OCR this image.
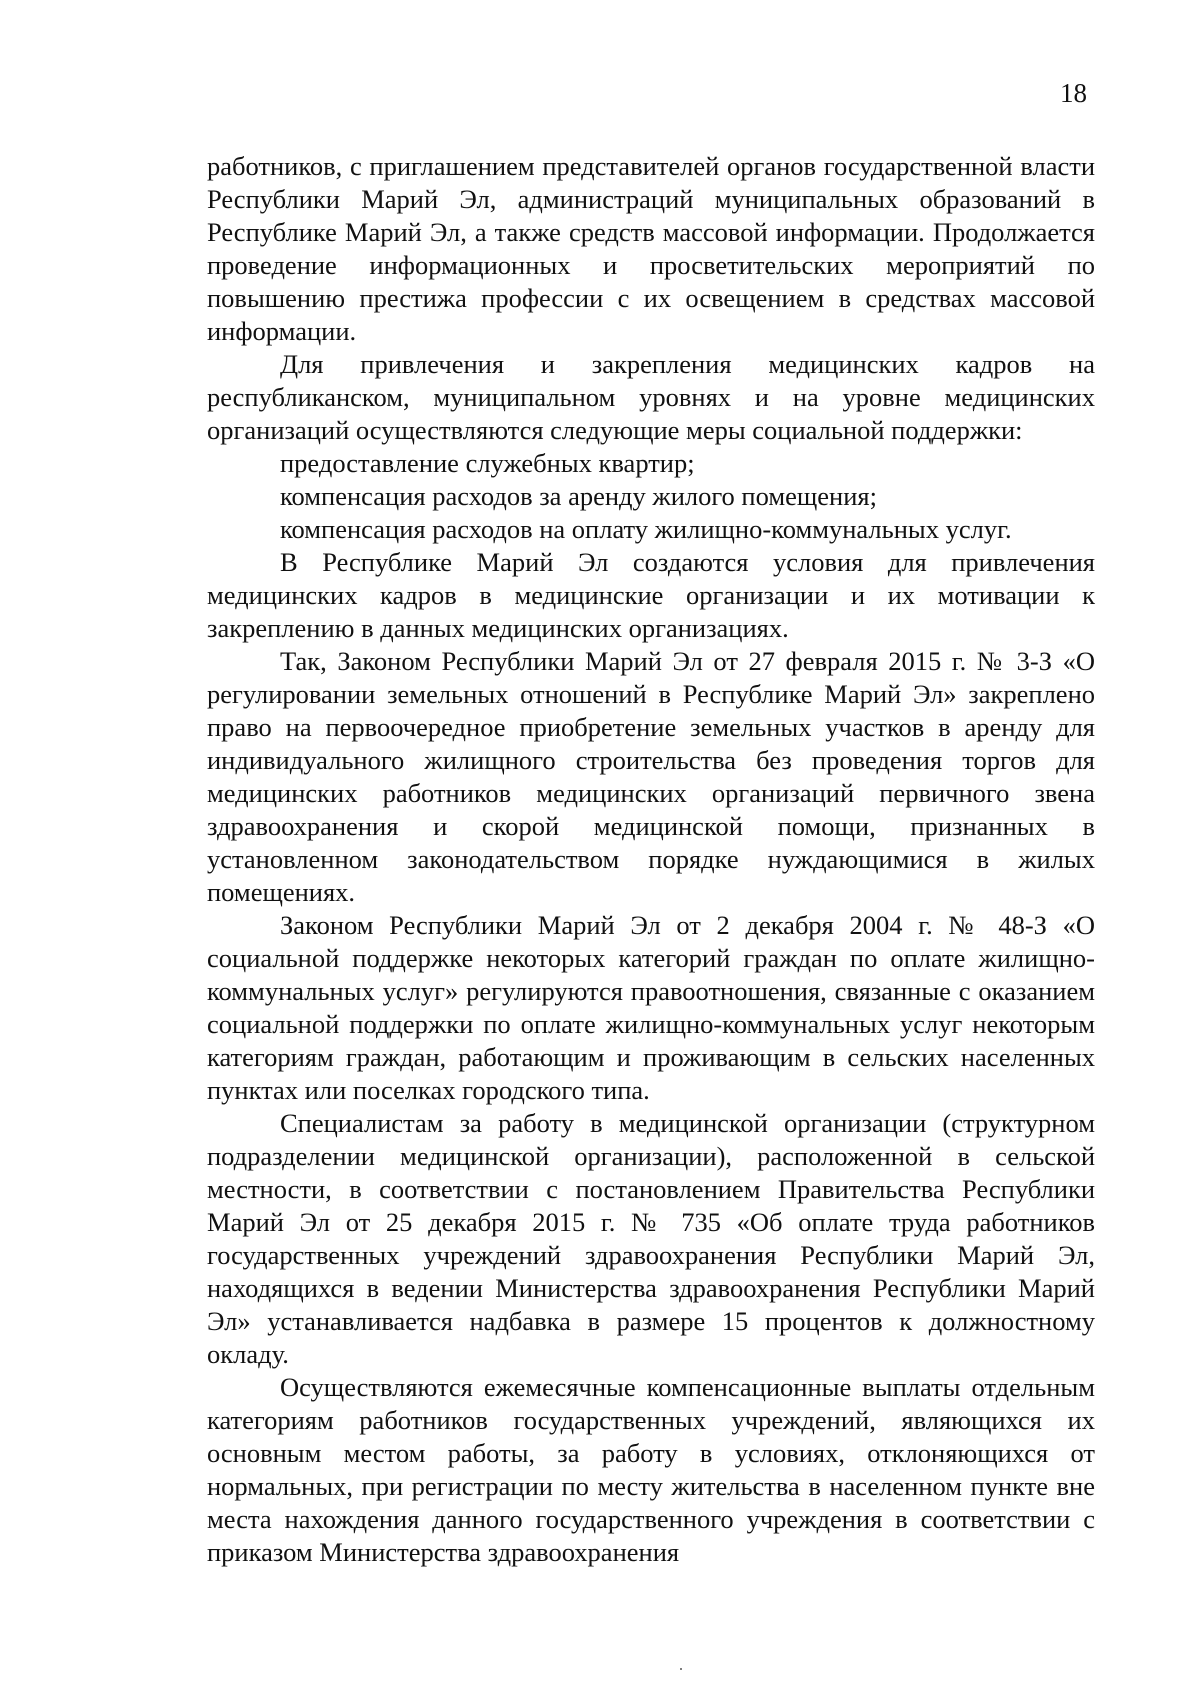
18

работников, с приглашением представителей органов государственной власти Республики Марий Эл, администраций муниципальных образований в Республике Марий Эл, а также средств массовой информации. Продолжается проведение информационных и просветительских мероприятий по повышению престижа профессии с их освещением в средствах массовой информации.

Для привлечения и закрепления медицинских кадров на республиканском, муниципальном уровнях и на уровне медицинских организаций осуществляются следующие меры социальной поддержки:

предоставление служебных квартир;

компенсация расходов за аренду жилого помещения;

компенсация расходов на оплату жилищно-коммунальных услуг.

В Республике Марий Эл создаются условия для привлечения медицинских кадров в медицинские организации и их мотивации к закреплению в данных медицинских организациях.

Так, Законом Республики Марий Эл от 27 февраля 2015 г. № 3-З «О регулировании земельных отношений в Республике Марий Эл» закреплено право на первоочередное приобретение земельных участков в аренду для индивидуального жилищного строительства без проведения торгов для медицинских работников медицинских организаций первичного звена здравоохранения и скорой медицинской помощи, признанных в установленном законодательством порядке нуждающимися в жилых помещениях.

Законом Республики Марий Эл от 2 декабря 2004 г. № 48-З «О социальной поддержке некоторых категорий граждан по оплате жилищно-коммунальных услуг» регулируются правоотношения, связанные с оказанием социальной поддержки по оплате жилищно-коммунальных услуг некоторым категориям граждан, работающим и проживающим в сельских населенных пунктах или поселках городского типа.

Специалистам за работу в медицинской организации (структурном подразделении медицинской организации), расположенной в сельской местности, в соответствии с постановлением Правительства Республики Марий Эл от 25 декабря 2015 г. № 735 «Об оплате труда работников государственных учреждений здравоохранения Республики Марий Эл, находящихся в ведении Министерства здравоохранения Республики Марий Эл» устанавливается надбавка в размере 15 процентов к должностному окладу.

Осуществляются ежемесячные компенсационные выплаты отдельным категориям работников государственных учреждений, являющихся их основным местом работы, за работу в условиях, отклоняющихся от нормальных, при регистрации по месту жительства в населенном пункте вне места нахождения данного государственного учреждения в соответствии с приказом Министерства здравоохранения
